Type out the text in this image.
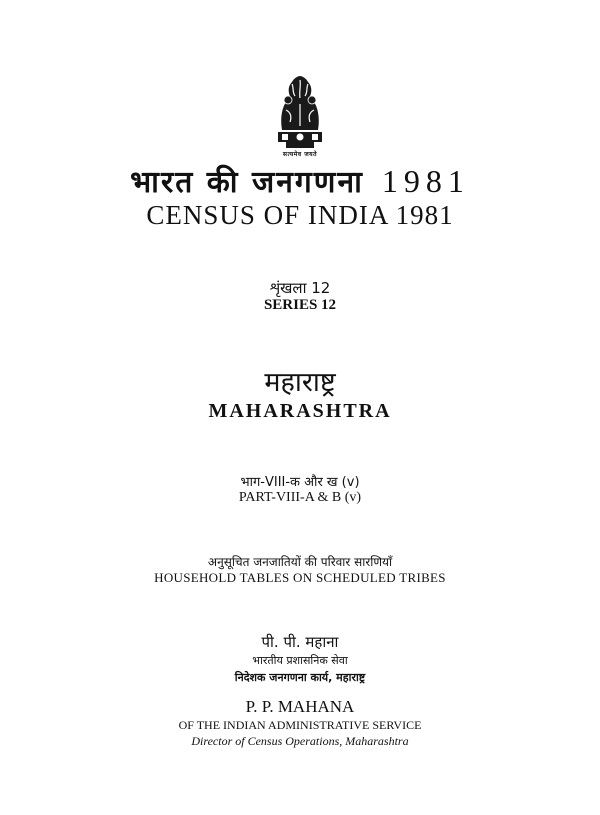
सत्यमेव जयते
भारत की जनगणना 1981
CENSUS OF INDIA 1981
शृंखला 12
SERIES 12
महाराष्ट्र
MAHARASHTRA
भाग-VIII-क और ख (v)
PART-VIII-A & B (v)
अनुसूचित जनजातियों की परिवार सारणियाँ
HOUSEHOLD TABLES ON SCHEDULED TRIBES
पी. पी. महाना
भारतीय प्रशासनिक सेवा
निदेशक जनगणना कार्य, महाराष्ट्र
P. P. MAHANA
OF THE INDIAN ADMINISTRATIVE SERVICE
Director of Census Operations, Maharashtra
